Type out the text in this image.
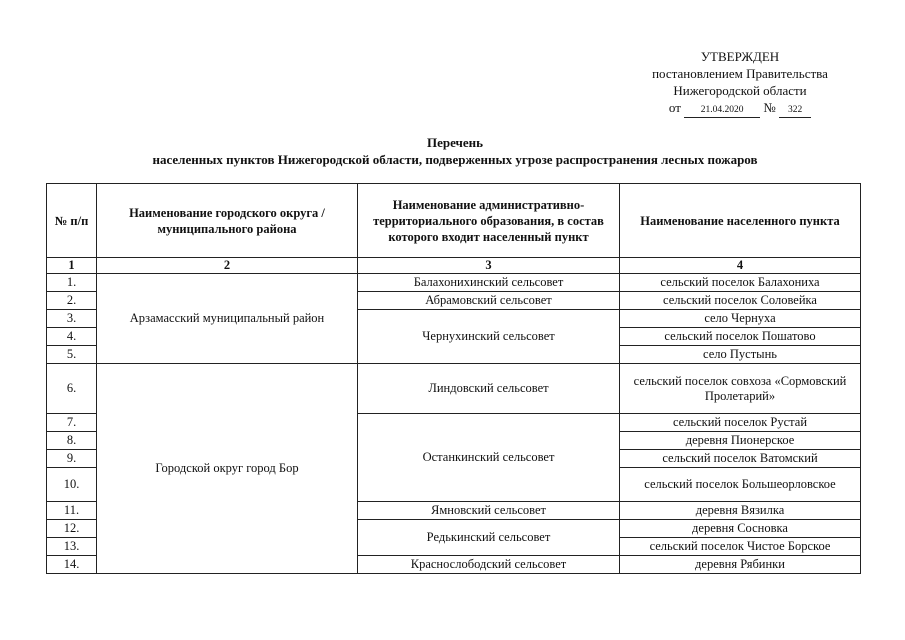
УТВЕРЖДЕН
постановлением Правительства
Нижегородской области
от 21.04.2020 № 322
Перечень
населенных пунктов Нижегородской области, подверженных угрозе распространения лесных пожаров
№ п/п	Наименование городского округа / муниципального района	Наименование административно-территориального образования, в состав которого входит населенный пункт	Наименование населенного пункта
1	2	3	4
1.	Арзамасский муниципальный район	Балахонихинский сельсовет	сельский поселок Балахониха
2.		Абрамовский сельсовет	сельский поселок Соловейка
3.		Чернухинский сельсовет	село Чернуха
4.			сельский поселок Пошатово
5.			село Пустынь
6.	Городской округ город Бор	Линдовский сельсовет	сельский поселок совхоза «Сормовский Пролетарий»
7.		Останкинский сельсовет	сельский поселок Рустай
8.			деревня Пионерское
9.			сельский поселок Ватомский
10.			сельский поселок Большеорловское
11.		Ямновский сельсовет	деревня Вязилка
12.		Редькинский сельсовет	деревня Сосновка
13.			сельский поселок Чистое Борское
14.		Краснослободский сельсовет	деревня Рябинки
